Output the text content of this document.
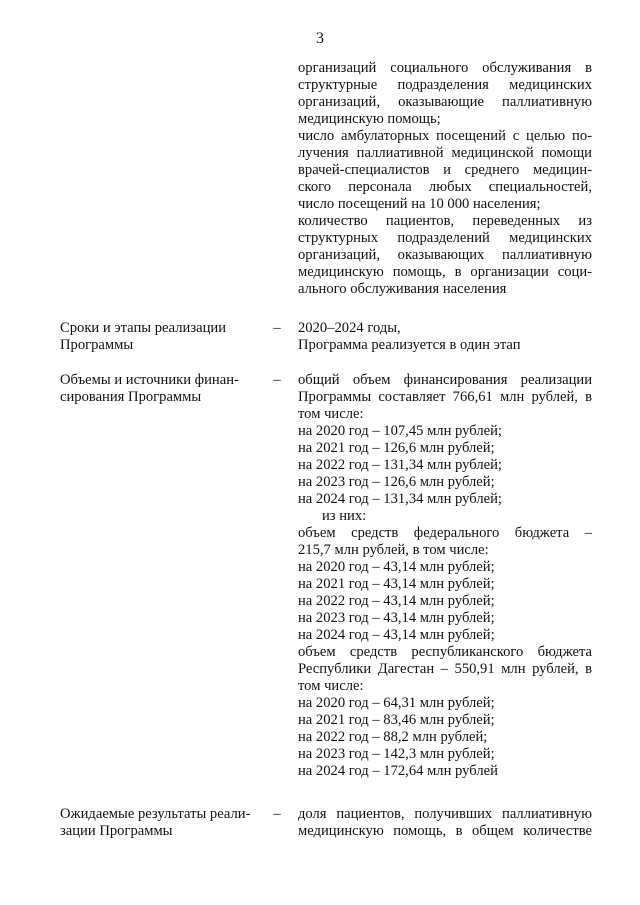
3
организаций социального обслуживания в
структурные подразделения медицинских
организаций, оказывающие паллиативную
медицинскую помощь;
число амбулаторных посещений с целью по-
лучения паллиативной медицинской помощи
врачей-специалистов и среднего медицин-
ского персонала любых специальностей,
число посещений на 10 000 населения;
количество пациентов, переведенных из
структурных подразделений медицинских
организаций, оказывающих паллиативную
медицинскую помощь, в организации соци-
ального обслуживания населения
Сроки и этапы реализации
Программы
– 2020–2024 годы,
Программа реализуется в один этап
Объемы и источники финан-
сирования Программы
– общий объем финансирования реализации
Программы составляет 766,61 млн рублей, в
том числе:
на 2020 год – 107,45 млн рублей;
на 2021 год – 126,6 млн рублей;
на 2022 год – 131,34 млн рублей;
на 2023 год – 126,6 млн рублей;
на 2024 год – 131,34 млн рублей;
из них:
объем средств федерального бюджета –
215,7 млн рублей, в том числе:
на 2020 год – 43,14 млн рублей;
на 2021 год – 43,14 млн рублей;
на 2022 год – 43,14 млн рублей;
на 2023 год – 43,14 млн рублей;
на 2024 год – 43,14 млн рублей;
объем средств республиканского бюджета
Республики Дагестан – 550,91 млн рублей, в
том числе:
на 2020 год – 64,31 млн рублей;
на 2021 год – 83,46 млн рублей;
на 2022 год – 88,2 млн рублей;
на 2023 год – 142,3 млн рублей;
на 2024 год – 172,64 млн рублей
Ожидаемые результаты реали-
зации Программы
– доля пациентов, получивших паллиативную
медицинскую помощь, в общем количестве
